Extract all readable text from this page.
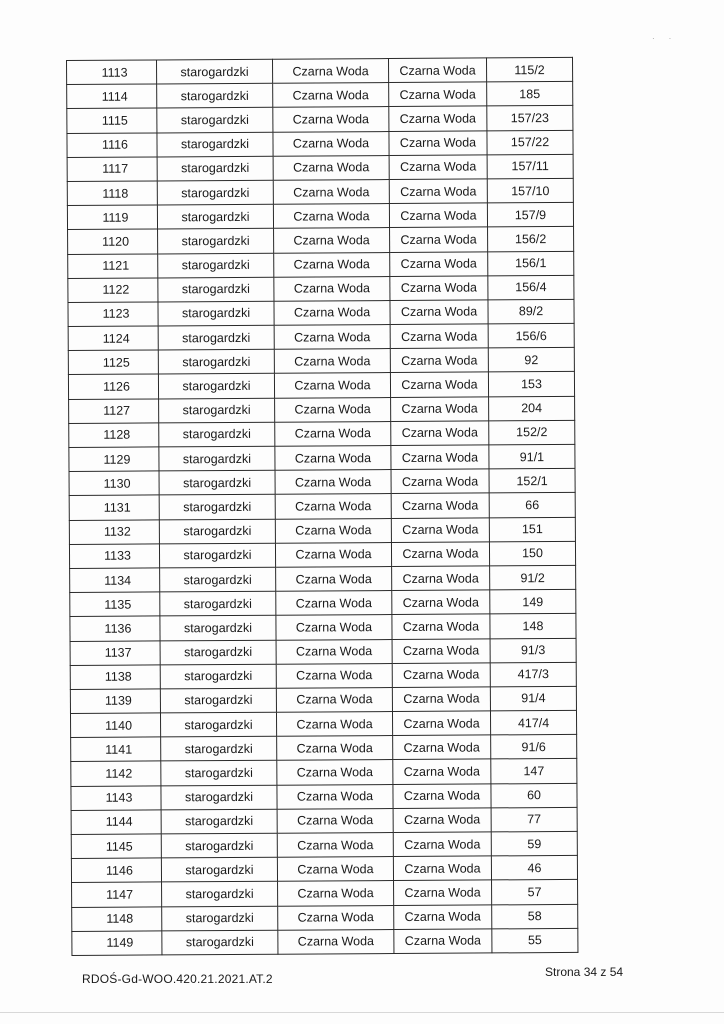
··
1113	starogardzki	Czarna Woda	Czarna Woda	115/2
1114	starogardzki	Czarna Woda	Czarna Woda	185
1115	starogardzki	Czarna Woda	Czarna Woda	157/23
1116	starogardzki	Czarna Woda	Czarna Woda	157/22
1117	starogardzki	Czarna Woda	Czarna Woda	157/11
1118	starogardzki	Czarna Woda	Czarna Woda	157/10
1119	starogardzki	Czarna Woda	Czarna Woda	157/9
1120	starogardzki	Czarna Woda	Czarna Woda	156/2
1121	starogardzki	Czarna Woda	Czarna Woda	156/1
1122	starogardzki	Czarna Woda	Czarna Woda	156/4
1123	starogardzki	Czarna Woda	Czarna Woda	89/2
1124	starogardzki	Czarna Woda	Czarna Woda	156/6
1125	starogardzki	Czarna Woda	Czarna Woda	92
1126	starogardzki	Czarna Woda	Czarna Woda	153
1127	starogardzki	Czarna Woda	Czarna Woda	204
1128	starogardzki	Czarna Woda	Czarna Woda	152/2
1129	starogardzki	Czarna Woda	Czarna Woda	91/1
1130	starogardzki	Czarna Woda	Czarna Woda	152/1
1131	starogardzki	Czarna Woda	Czarna Woda	66
1132	starogardzki	Czarna Woda	Czarna Woda	151
1133	starogardzki	Czarna Woda	Czarna Woda	150
1134	starogardzki	Czarna Woda	Czarna Woda	91/2
1135	starogardzki	Czarna Woda	Czarna Woda	149
1136	starogardzki	Czarna Woda	Czarna Woda	148
1137	starogardzki	Czarna Woda	Czarna Woda	91/3
1138	starogardzki	Czarna Woda	Czarna Woda	417/3
1139	starogardzki	Czarna Woda	Czarna Woda	91/4
1140	starogardzki	Czarna Woda	Czarna Woda	417/4
1141	starogardzki	Czarna Woda	Czarna Woda	91/6
1142	starogardzki	Czarna Woda	Czarna Woda	147
1143	starogardzki	Czarna Woda	Czarna Woda	60
1144	starogardzki	Czarna Woda	Czarna Woda	77
1145	starogardzki	Czarna Woda	Czarna Woda	59
1146	starogardzki	Czarna Woda	Czarna Woda	46
1147	starogardzki	Czarna Woda	Czarna Woda	57
1148	starogardzki	Czarna Woda	Czarna Woda	58
1149	starogardzki	Czarna Woda	Czarna Woda	55
RDOŚ-Gd-WOO.420.21.2021.AT.2	Strona 34 z 54
